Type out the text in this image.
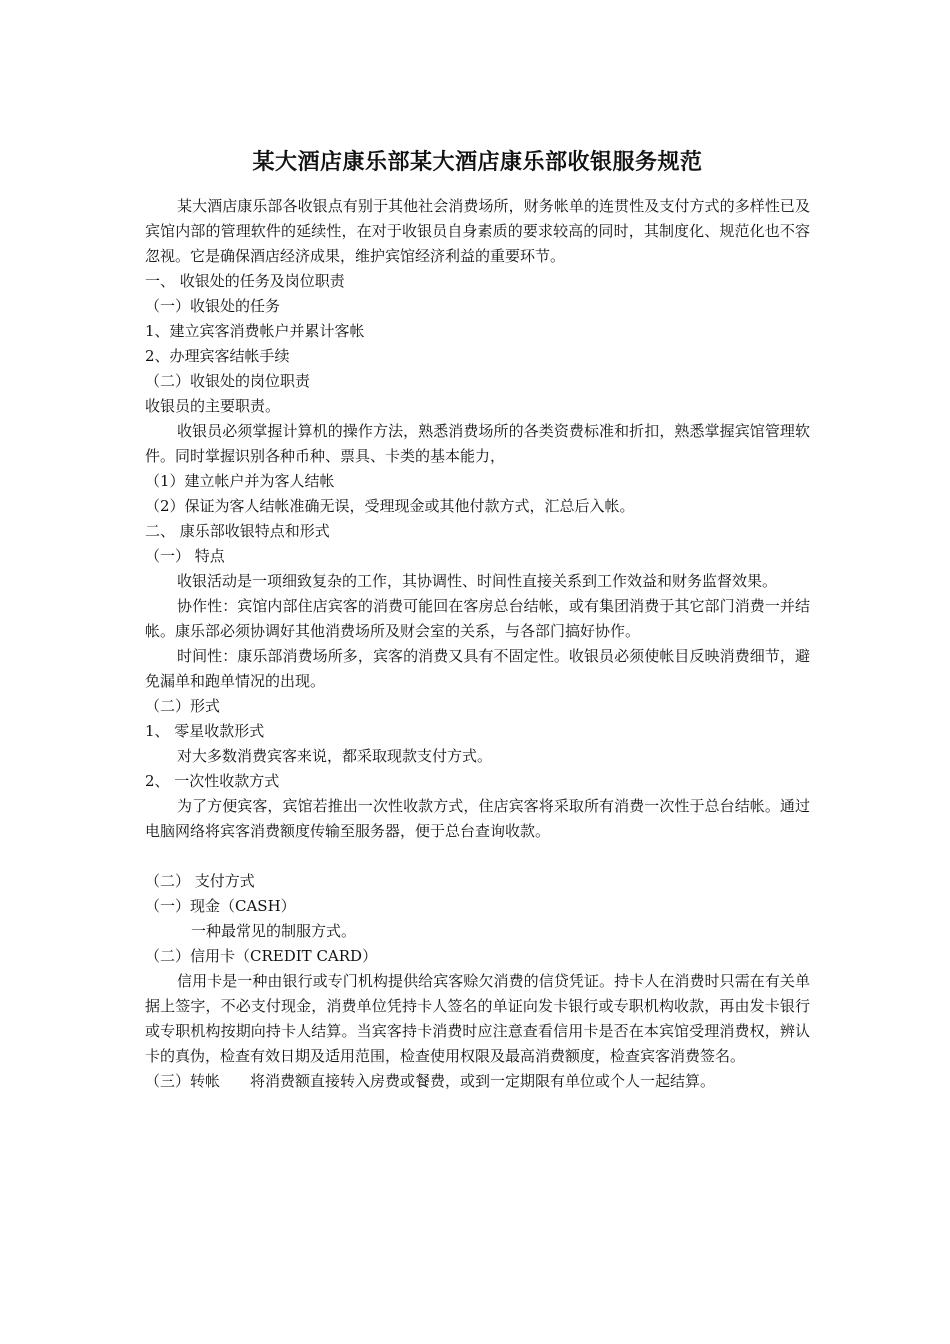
某大酒店康乐部某大酒店康乐部收银服务规范

某大酒店康乐部各收银点有别于其他社会消费场所，财务帐单的连贯性及支付方式的多样性已及宾馆内部的管理软件的延续性，在对于收银员自身素质的要求较高的同时，其制度化、规范化也不容忽视。它是确保酒店经济成果，维护宾馆经济利益的重要环节。

一、 收银处的任务及岗位职责

（一）收银处的任务

1、建立宾客消费帐户并累计客帐

2、办理宾客结帐手续

（二）收银处的岗位职责

收银员的主要职责。

收银员必须掌握计算机的操作方法，熟悉消费场所的各类资费标准和折扣，熟悉掌握宾馆管理软件。同时掌握识别各种币种、票具、卡类的基本能力，

（1）建立帐户并为客人结帐

（2）保证为客人结帐准确无误，受理现金或其他付款方式，汇总后入帐。

二、 康乐部收银特点和形式

（一） 特点

收银活动是一项细致复杂的工作，其协调性、时间性直接关系到工作效益和财务监督效果。

协作性：宾馆内部住店宾客的消费可能回在客房总台结帐，或有集团消费于其它部门消费一并结帐。康乐部必须协调好其他消费场所及财会室的关系，与各部门搞好协作。

时间性：康乐部消费场所多，宾客的消费又具有不固定性。收银员必须使帐目反映消费细节，避免漏单和跑单情况的出现。

（二）形式

1、 零星收款形式

对大多数消费宾客来说，都采取现款支付方式。

2、 一次性收款方式

为了方便宾客，宾馆若推出一次性收款方式，住店宾客将采取所有消费一次性于总台结帐。通过电脑网络将宾客消费额度传输至服务器，便于总台查询收款。

（二） 支付方式

（一）现金（CASH）

一种最常见的制服方式。

（二）信用卡（CREDIT CARD）

信用卡是一种由银行或专门机构提供给宾客赊欠消费的信贷凭证。持卡人在消费时只需在有关单据上签字，不必支付现金，消费单位凭持卡人签名的单证向发卡银行或专职机构收款，再由发卡银行或专职机构按期向持卡人结算。当宾客持卡消费时应注意查看信用卡是否在本宾馆受理消费权，辨认卡的真伪，检查有效日期及适用范围，检查使用权限及最高消费额度，检查宾客消费签名。

（三）转帐　　将消费额直接转入房费或餐费，或到一定期限有单位或个人一起结算。
